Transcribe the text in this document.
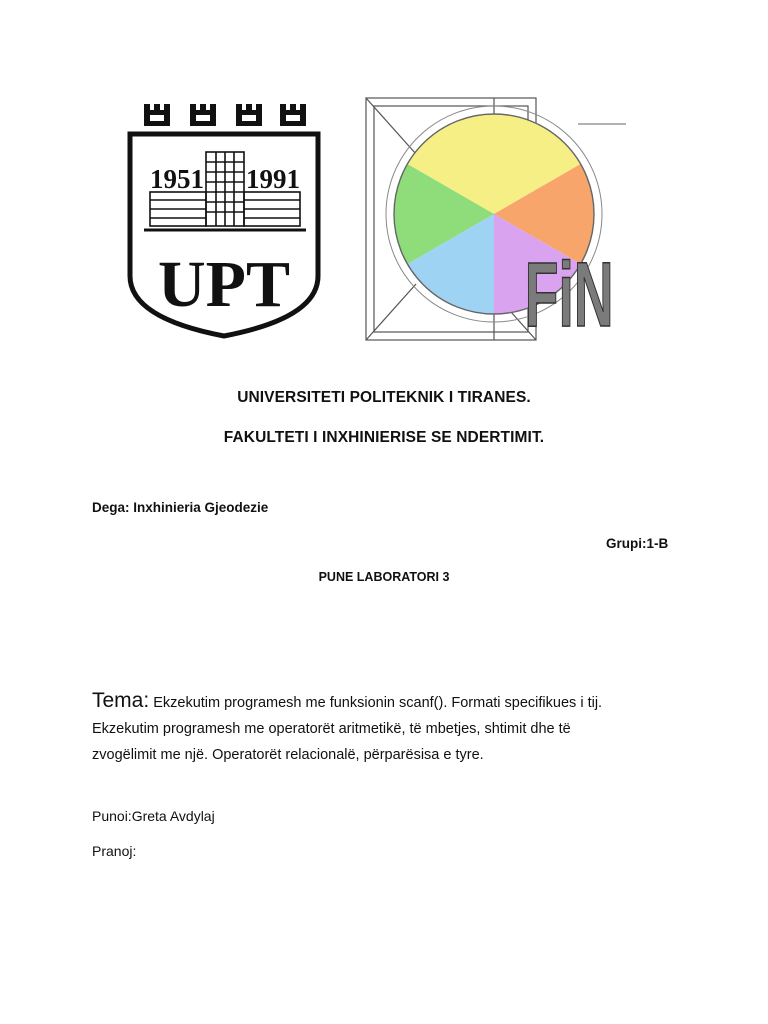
1951 1991
UPT	FiN
UNIVERSITETI POLITEKNIK I TIRANES.
FAKULTETI I INXHINIERISE SE NDERTIMIT.
Dega: Inxhinieria Gjeodezie
Grupi:1-B
PUNE LABORATORI 3
Tema: Ekzekutim programesh me funksionin scanf(). Formati specifikues i tij.
Ekzekutim programesh me operatorët aritmetikë, të mbetjes, shtimit dhe të
zvogëlimit me një. Operatorët relacionalë, përparësisa e tyre.
Punoi:Greta Avdylaj
Pranoj:
